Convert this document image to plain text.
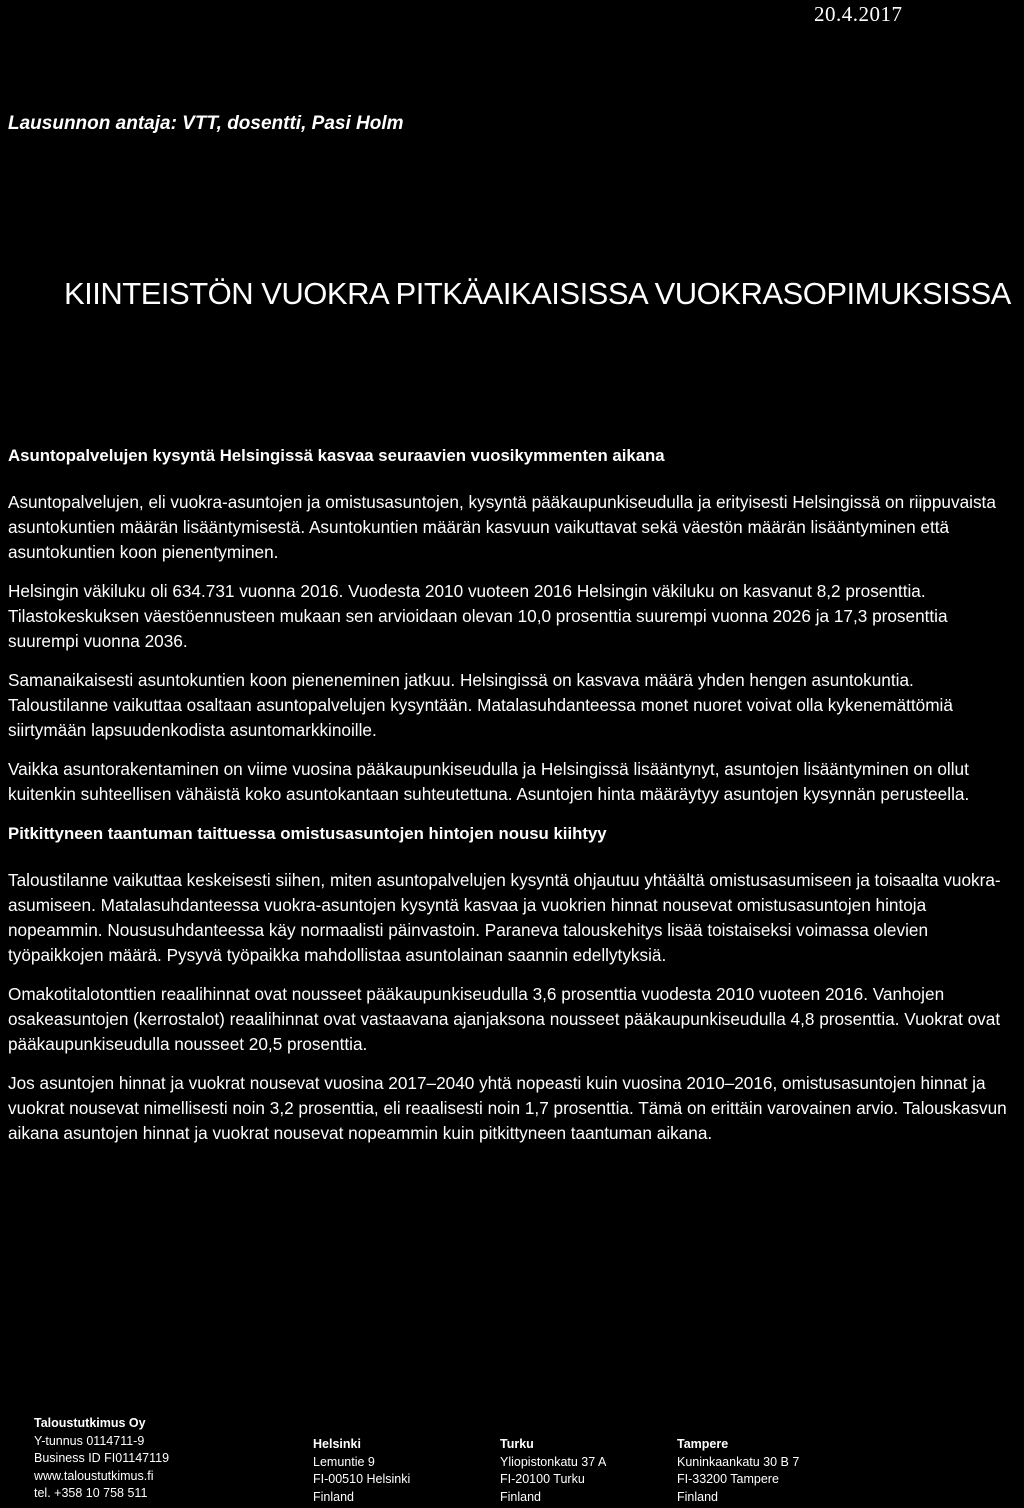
20.4.2017
Lausunnon antaja: VTT, dosentti, Pasi Holm
KIINTEISTÖN VUOKRA PITKÄAIKAISISSA VUOKRASOPIMUKSISSA
Asuntopalvelujen kysyntä Helsingissä kasvaa seuraavien vuosikymmenten aikana

Asuntopalvelujen, eli vuokra-asuntojen ja omistusasuntojen, kysyntä pääkaupunkiseudulla ja erityisesti Helsingissä on riippuvaista asuntokuntien määrän lisääntymisestä. Asuntokuntien määrän kasvuun vaikuttavat sekä väestön määrän lisääntyminen että asuntokuntien koon pienentyminen.

Helsingin väkiluku oli 634.731 vuonna 2016. Vuodesta 2010 vuoteen 2016 Helsingin väkiluku on kasvanut 8,2 prosenttia. Tilastokeskuksen väestöennusteen mukaan sen arvioidaan olevan 10,0 prosenttia suurempi vuonna 2026 ja 17,3 prosenttia suurempi vuonna 2036.

Samanaikaisesti asuntokuntien koon pieneneminen jatkuu. Helsingissä on kasvava määrä yhden hengen asuntokuntia. Taloustilanne vaikuttaa osaltaan asuntopalvelujen kysyntään. Matalasuhdanteessa monet nuoret voivat olla kykenemättömiä siirtymään lapsuudenkodista asuntomarkkinoille.

Vaikka asuntorakentaminen on viime vuosina pääkaupunkiseudulla ja Helsingissä lisääntynyt, asuntojen lisääntyminen on ollut kuitenkin suhteellisen vähäistä koko asuntokantaan suhteutettuna. Asuntojen hinta määräytyy asuntojen kysynnän perusteella.

Pitkittyneen taantuman taittuessa omistusasuntojen hintojen nousu kiihtyy

Taloustilanne vaikuttaa keskeisesti siihen, miten asuntopalvelujen kysyntä ohjautuu yhtäältä omistusasumiseen ja toisaalta vuokra-asumiseen. Matalasuhdanteessa vuokra-asuntojen kysyntä kasvaa ja vuokrien hinnat nousevat omistusasuntojen hintoja nopeammin. Noususuhdanteessa käy normaalisti päinvastoin. Paraneva talouskehitys lisää toistaiseksi voimassa olevien työpaikkojen määrä. Pysyvä työpaikka mahdollistaa asuntolainan saannin edellytyksiä.

Omakotitalotonttien reaalihinnat ovat nousseet pääkaupunkiseudulla 3,6 prosenttia vuodesta 2010 vuoteen 2016. Vanhojen osakeasuntojen (kerrostalot) reaalihinnat ovat vastaavana ajanjaksona nousseet pääkaupunkiseudulla 4,8 prosenttia. Vuokrat ovat pääkaupunkiseudulla nousseet 20,5 prosenttia.

Jos asuntojen hinnat ja vuokrat nousevat vuosina 2017–2040 yhtä nopeasti kuin vuosina 2010–2016, omistusasuntojen hinnat ja vuokrat nousevat nimellisesti noin 3,2 prosenttia, eli reaalisesti noin 1,7 prosenttia. Tämä on erittäin varovainen arvio. Talouskasvun aikana asuntojen hinnat ja vuokrat nousevat nopeammin kuin pitkittyneen taantuman aikana.

Taloustutkimus Oy
Y-tunnus 0114711-9
Business ID FI01147119
www.taloustutkimus.fi
tel. +358 10 758 511
Helsinki
Lemuntie 9
FI-00510 Helsinki
Finland
Turku
Yliopistonkatu 37 A
FI-20100 Turku
Finland
Tampere
Kuninkaankatu 30 B 7
FI-33200 Tampere
Finland
